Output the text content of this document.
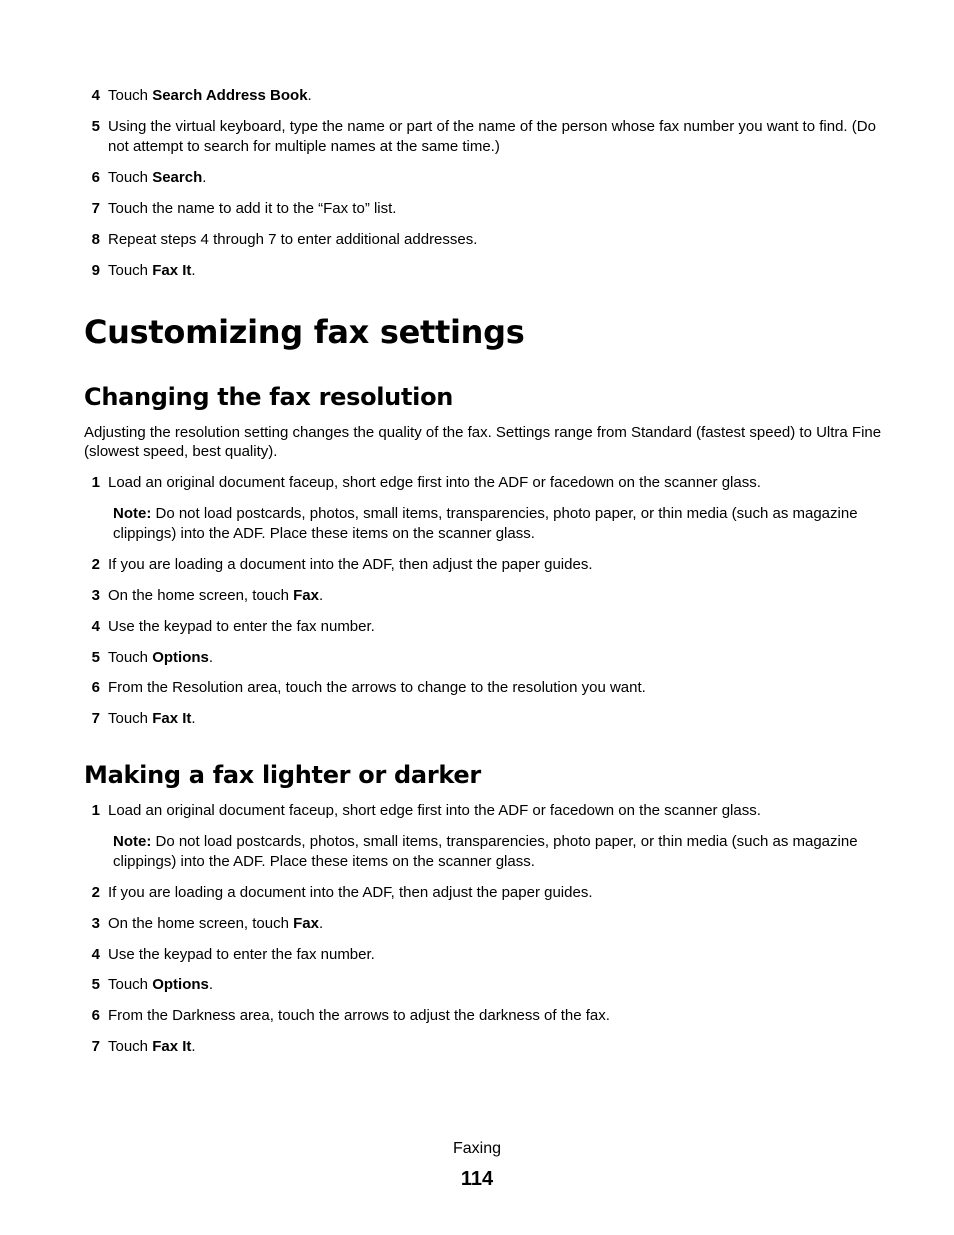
4 Touch Search Address Book.
5 Using the virtual keyboard, type the name or part of the name of the person whose fax number you want to find. (Do not attempt to search for multiple names at the same time.)
6 Touch Search.
7 Touch the name to add it to the “Fax to” list.
8 Repeat steps 4 through 7 to enter additional addresses.
9 Touch Fax It.
Customizing fax settings
Changing the fax resolution
Adjusting the resolution setting changes the quality of the fax. Settings range from Standard (fastest speed) to Ultra Fine (slowest speed, best quality).
1 Load an original document faceup, short edge first into the ADF or facedown on the scanner glass.
Note: Do not load postcards, photos, small items, transparencies, photo paper, or thin media (such as magazine clippings) into the ADF. Place these items on the scanner glass.
2 If you are loading a document into the ADF, then adjust the paper guides.
3 On the home screen, touch Fax.
4 Use the keypad to enter the fax number.
5 Touch Options.
6 From the Resolution area, touch the arrows to change to the resolution you want.
7 Touch Fax It.
Making a fax lighter or darker
1 Load an original document faceup, short edge first into the ADF or facedown on the scanner glass.
Note: Do not load postcards, photos, small items, transparencies, photo paper, or thin media (such as magazine clippings) into the ADF. Place these items on the scanner glass.
2 If you are loading a document into the ADF, then adjust the paper guides.
3 On the home screen, touch Fax.
4 Use the keypad to enter the fax number.
5 Touch Options.
6 From the Darkness area, touch the arrows to adjust the darkness of the fax.
7 Touch Fax It.
Faxing
114
